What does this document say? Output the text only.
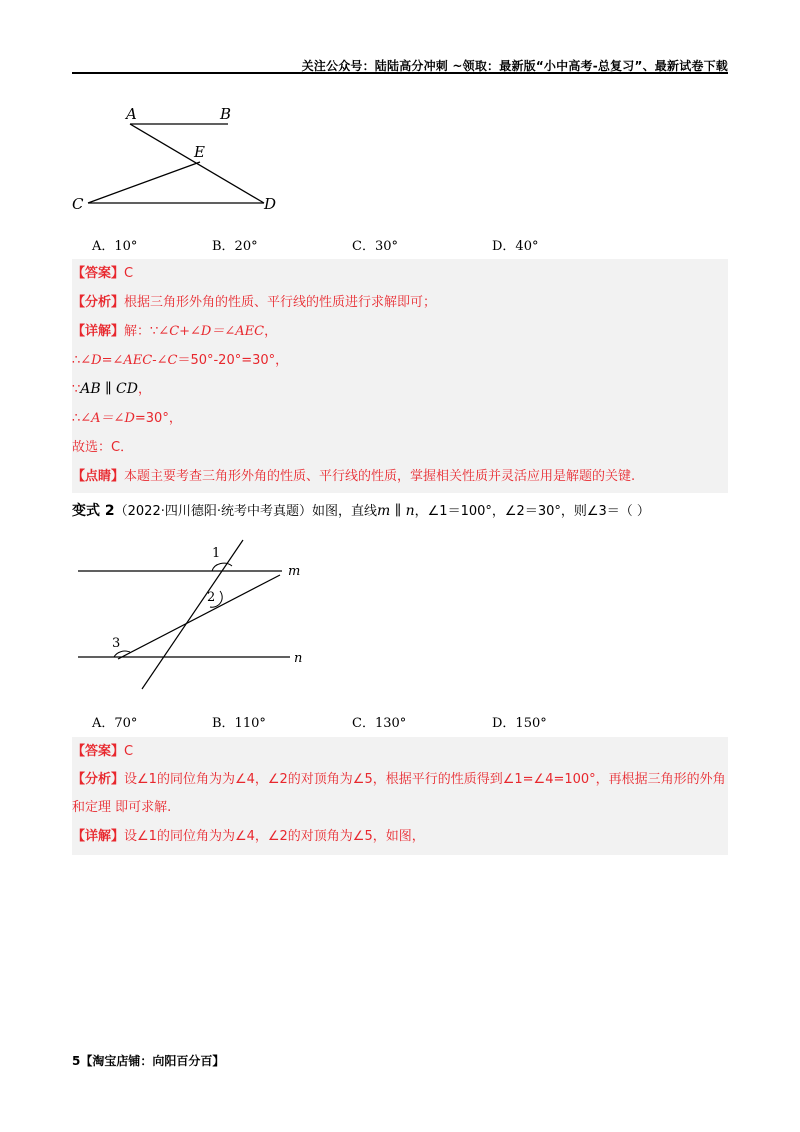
关注公众号：陆陆高分冲刺 ~领取：最新版“小中高考-总复习”、最新试卷下载
A	B
E
C	D
A．10°	B．20°	C．30°	D．40°
【答案】C
【分析】根据三角形外角的性质、平行线的性质进行求解即可；
【详解】解：∵∠C+∠D＝∠AEC，
∴∠D=∠AEC-∠C＝50°-20°=30°，
∵AB ∥ CD，
∴∠A＝∠D=30°，
故选：C．
【点睛】本题主要考查三角形外角的性质、平行线的性质，掌握相关性质并灵活应用是解题的关键.
变式 2（2022·四川德阳·统考中考真题）如图，直线m ∥ n，∠1＝100°，∠2＝30°，则∠3＝（ ）
1
2
3
m
n
A．70°	B．110°	C．130°	D．150°
【答案】C
【分析】设∠1的同位角为为∠4，∠2的对顶角为∠5，根据平行的性质得到∠1=∠4=100°，再根据三角形的外角和定理 即可求解.
【详解】设∠1的同位角为为∠4，∠2的对顶角为∠5，如图，
5【淘宝店铺：向阳百分百】
